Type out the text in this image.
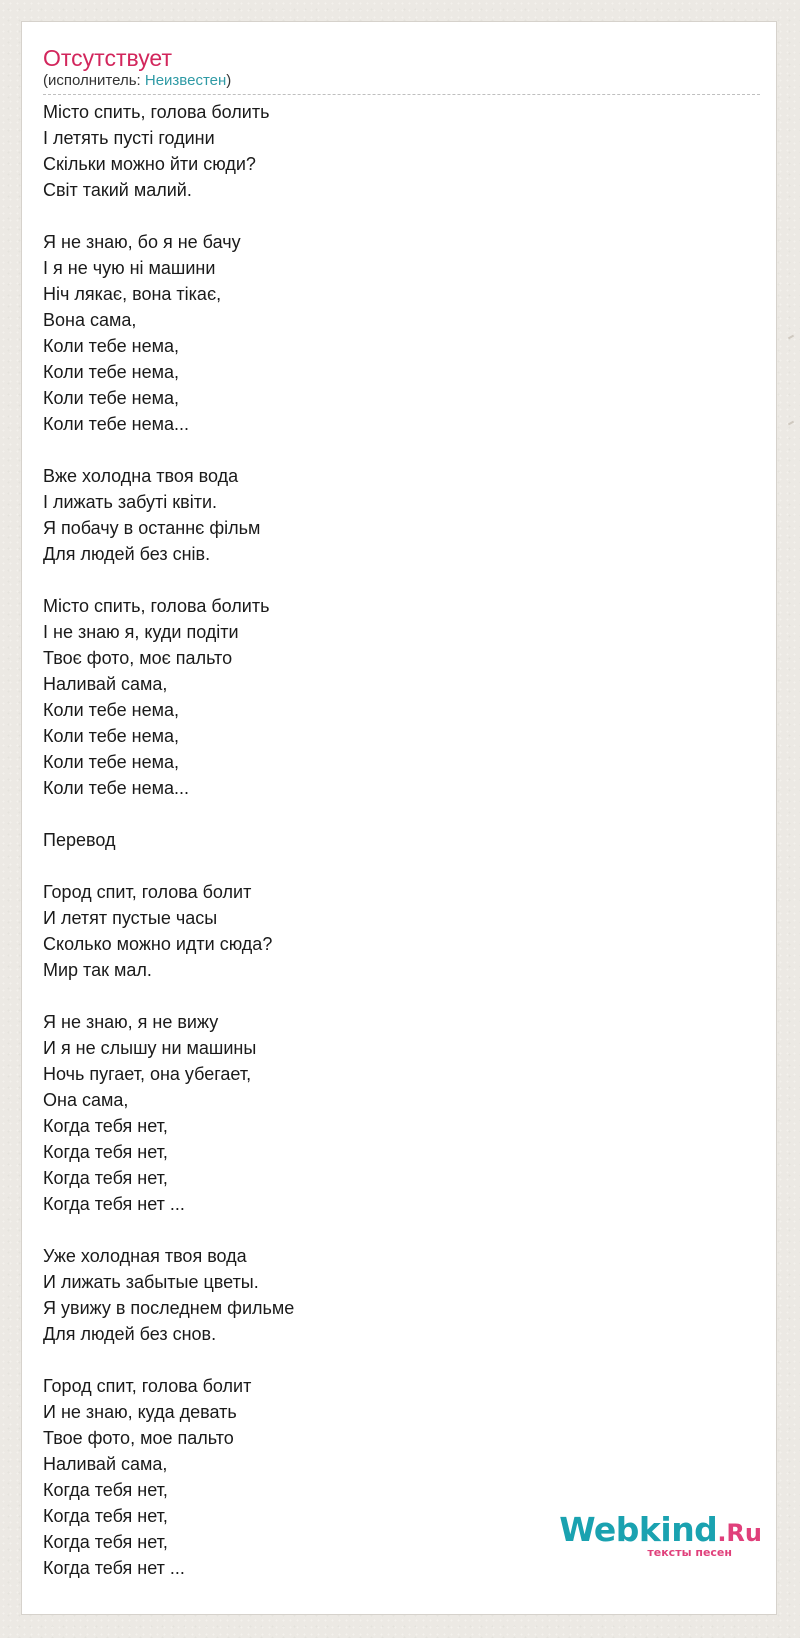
Отсутствует
(исполнитель: Неизвестен)
Місто спить, голова болить
І летять пусті години
Скільки можно йти сюди?
Світ такий малий.

Я не знаю, бо я не бачу
І я не чую ні машини
Ніч лякає, вона тікає,
Вона сама,
Коли тебе нема,
Коли тебе нема,
Коли тебе нема,
Коли тебе нема...

Вже холодна твоя вода
І лижать забуті квіти.
Я побачу в останнє фільм
Для людей без снів.

Місто спить, голова болить
І не знаю я, куди подіти
Твоє фото, моє пальто
Наливай сама,
Коли тебе нема,
Коли тебе нема,
Коли тебе нема,
Коли тебе нема...

Перевод

Город спит, голова болит
И летят пустые часы
Сколько можно идти сюда?
Мир так мал.

Я не знаю, я не вижу
И я не слышу ни машины
Ночь пугает, она убегает,
Она сама,
Когда тебя нет,
Когда тебя нет,
Когда тебя нет,
Когда тебя нет ...

Уже холодная твоя вода
И лижать забытые цветы.
Я увижу в последнем фильме
Для людей без снов.

Город спит, голова болит
И не знаю, куда девать
Твое фото, мое пальто
Наливай сама,
Когда тебя нет,
Когда тебя нет,
Когда тебя нет,
Когда тебя нет ...
Webkind.Ru
тексты песен
